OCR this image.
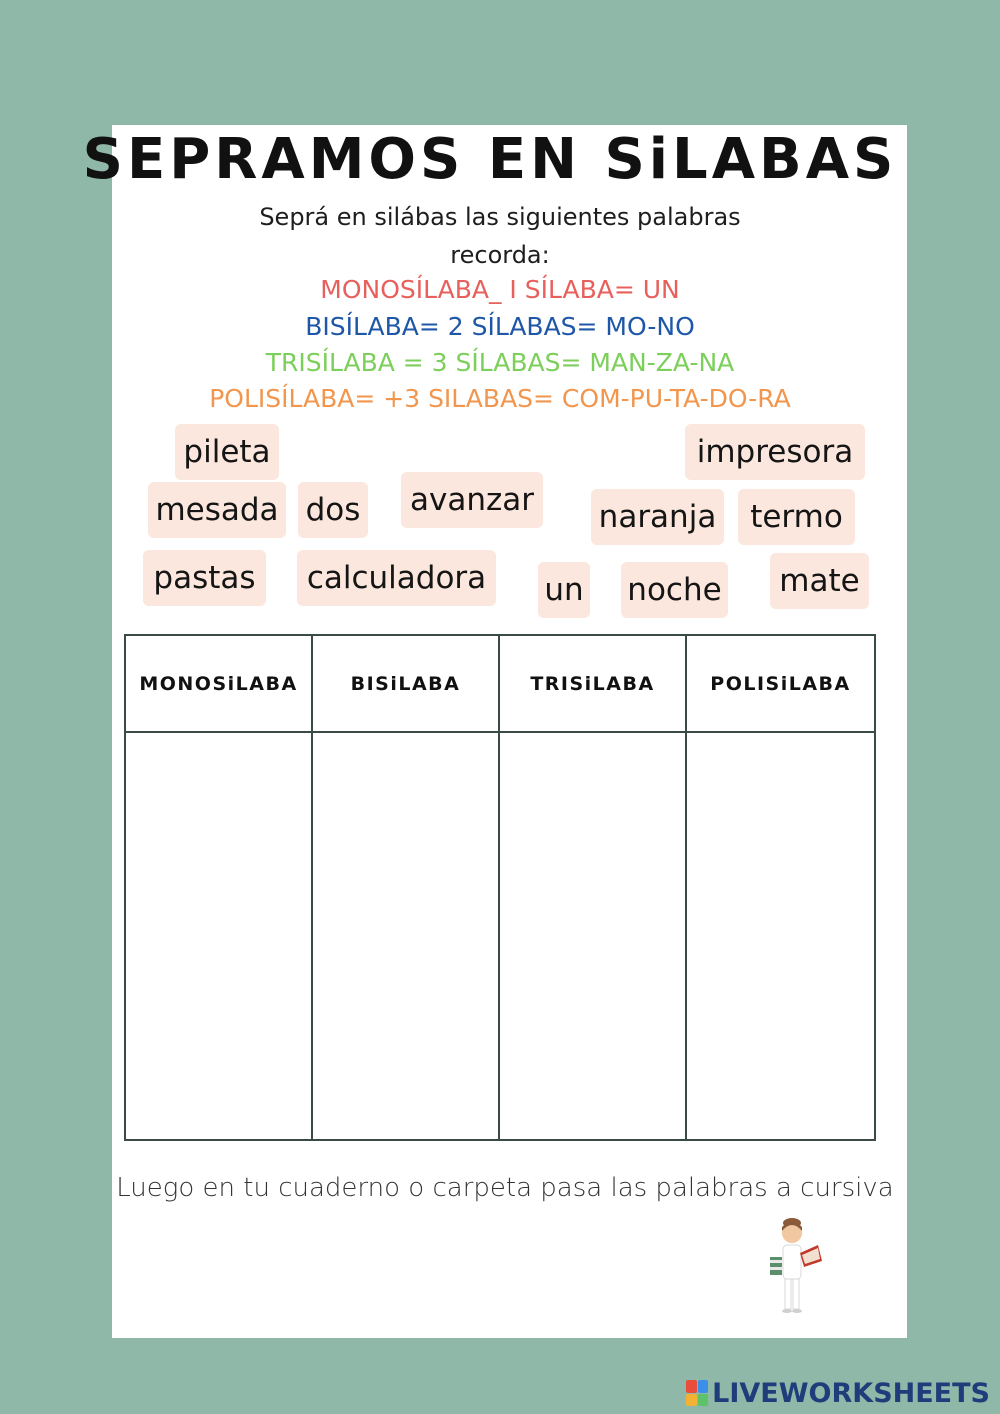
SEPRAMOS EN SiLABAS
Seprá en silábas las siguientes palabras
recorda:
MONOSÍLABA_ I SÍLABA= UN
BISÍLABA= 2 SÍLABAS= MO-NO
TRISÍLABA = 3 SÍLABAS= MAN-ZA-NA
POLISÍLABA= +3 SILABAS= COM-PU-TA-DO-RA
pileta	impresora
mesada dos avanzar naranja	termo
pastas	calculadora	un noche mate
MONOSiLABA	BISiLABA	TRISiLABA	POLISiLABA
Luego en tu cuaderno o carpeta pasa las palabras a cursiva
LIVEWORKSHEETS
